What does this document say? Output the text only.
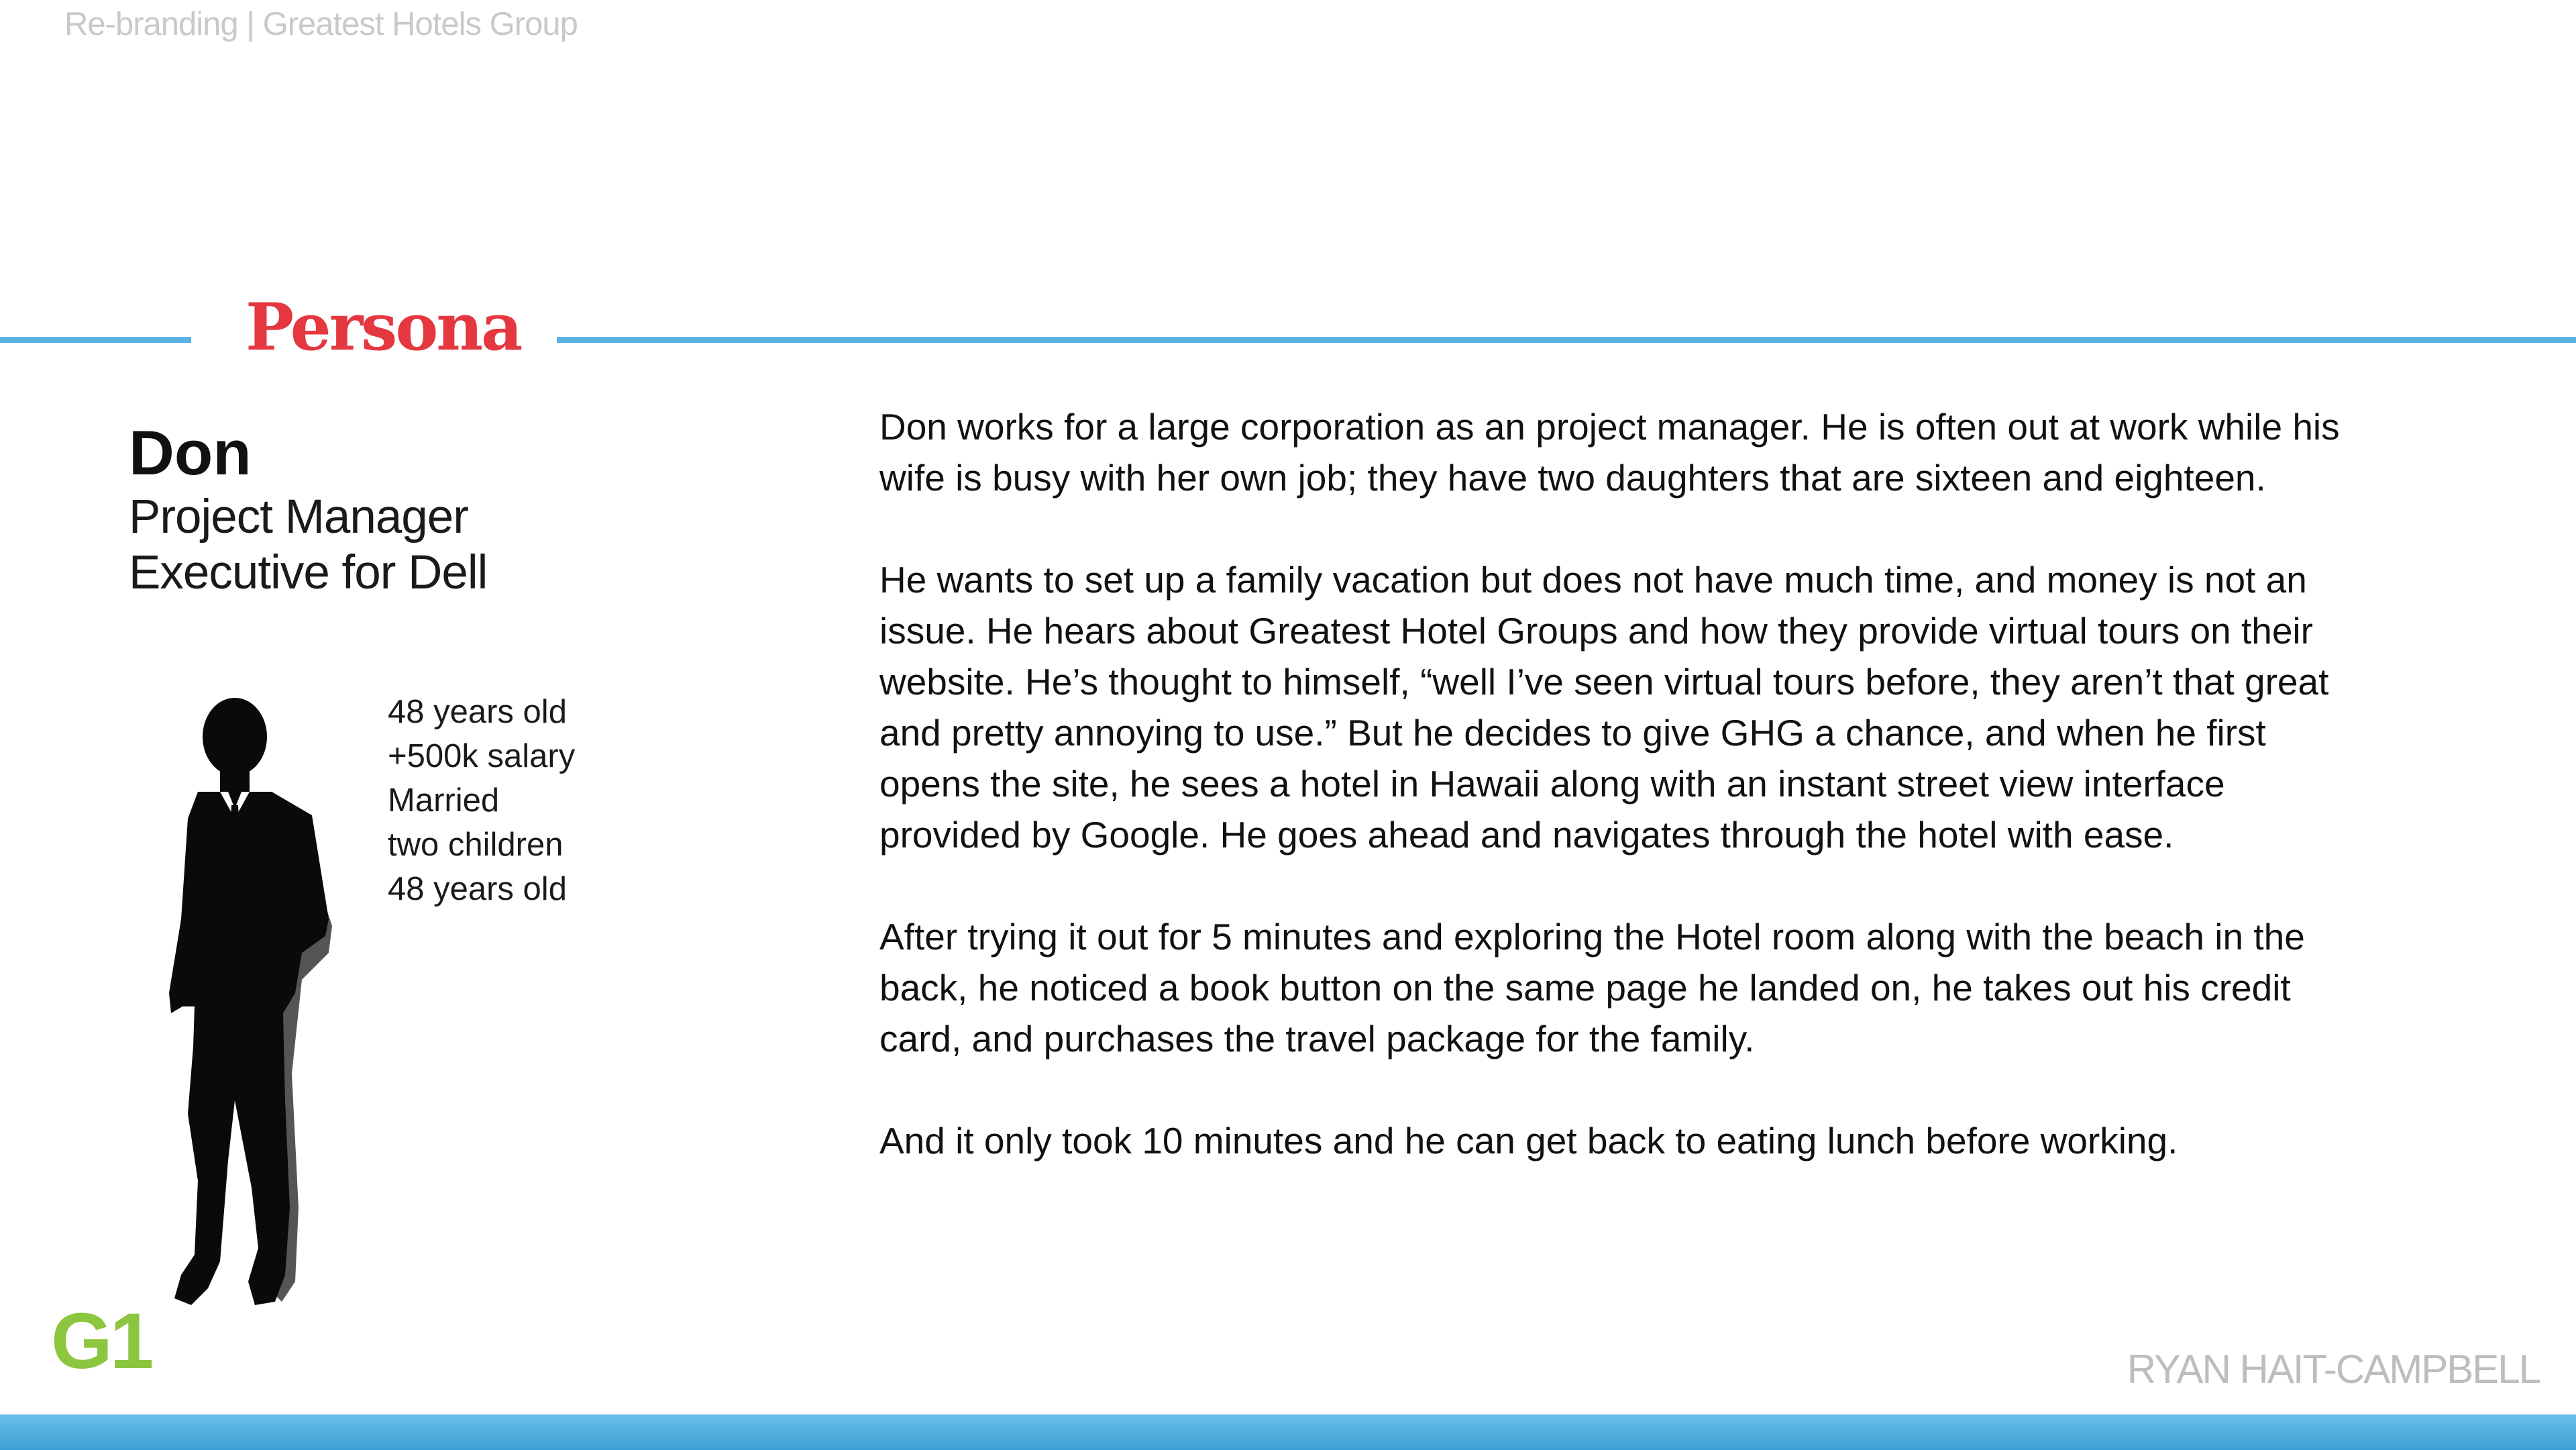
Re-branding | Greatest Hotels Group
Persona
Don
Project Manager
Executive for Dell
48 years old
+500k salary
Married
two children
48 years old

Don works for a large corporation as an project manager. He is often out at work while his wife is busy with her own job; they have two daughters that are sixteen and eighteen.

He wants to set up a family vacation but does not have much time, and money is not an issue. He hears about Greatest Hotel Groups and how they provide virtual tours on their website. He’s thought to himself, “well I’ve seen virtual tours before, they aren’t that great and pretty annoying to use.” But he decides to give GHG a chance, and when he first opens the site, he sees a hotel in Hawaii along with an instant street view interface provided by Google. He goes ahead and navigates through the hotel with ease.

After trying it out for 5 minutes and exploring the Hotel room along with the beach in the back, he noticed a book button on the same page he landed on, he takes out his credit card, and purchases the travel package for the family.

And it only took 10 minutes and he can get back to eating lunch before working.

G1	RYAN HAIT-CAMPBELL
